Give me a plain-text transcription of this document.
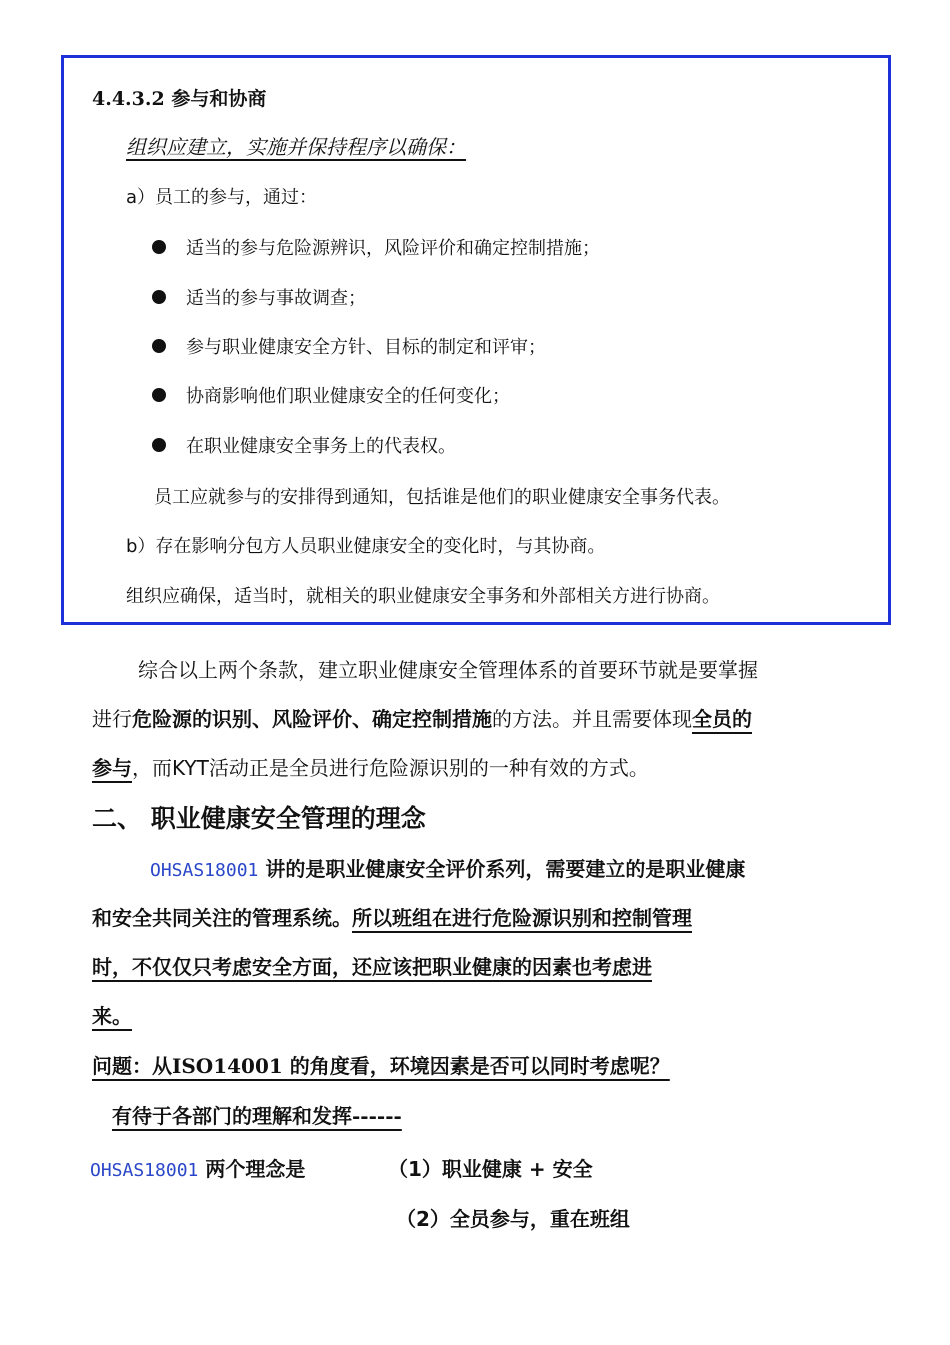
4.4.3.2 参与和协商
组织应建立，实施并保持程序以确保：
a）员工的参与，通过：
适当的参与危险源辨识，风险评价和确定控制措施；
适当的参与事故调查；
参与职业健康安全方针、目标的制定和评审；
协商影响他们职业健康安全的任何变化；
在职业健康安全事务上的代表权。
员工应就参与的安排得到通知，包括谁是他们的职业健康安全事务代表。
b）存在影响分包方人员职业健康安全的变化时，与其协商。
组织应确保，适当时，就相关的职业健康安全事务和外部相关方进行协商。
综合以上两个条款，建立职业健康安全管理体系的首要环节就是要掌握
进行危险源的识别、风险评价、确定控制措施的方法。并且需要体现全员的
参与，而KYT活动正是全员进行危险源识别的一种有效的方式。
二、 职业健康安全管理的理念
OHSAS18001 讲的是职业健康安全评价系列，需要建立的是职业健康
和安全共同关注的管理系统。所以班组在进行危险源识别和控制管理
时，不仅仅只考虑安全方面，还应该把职业健康的因素也考虑进
来。
问题：从ISO14001 的角度看，环境因素是否可以同时考虑呢？
有待于各部门的理解和发挥------
OHSAS18001 两个理念是	（1）职业健康 + 安全
（2）全员参与，重在班组
